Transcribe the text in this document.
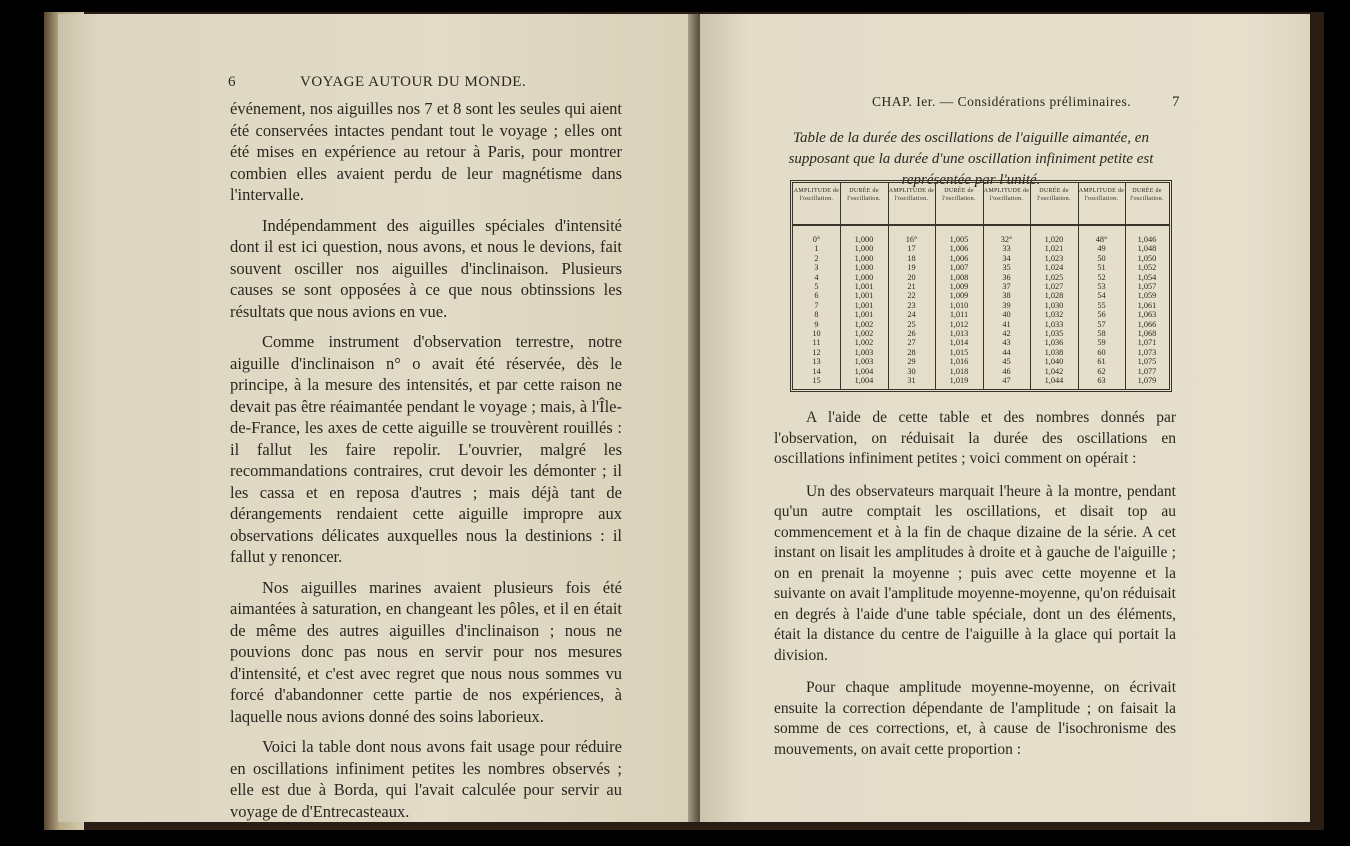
6	VOYAGE AUTOUR DU MONDE.

événement, nos aiguilles nos 7 et 8 sont les seules qui aient été conservées intactes pendant tout le voyage ; elles ont été mises en expérience au retour à Paris, pour montrer combien elles avaient perdu de leur magnétisme dans l'intervalle.

Indépendamment des aiguilles spéciales d'intensité dont il est ici question, nous avons, et nous le devions, fait souvent osciller nos aiguilles d'inclinaison. Plusieurs causes se sont opposées à ce que nous obtinssions les résultats que nous avions en vue.

Comme instrument d'observation terrestre, notre aiguille d'inclinaison n° o avait été réservée, dès le principe, à la mesure des intensités, et par cette raison ne devait pas être réaimantée pendant le voyage ; mais, à l'Île-de-France, les axes de cette aiguille se trouvèrent rouillés : il fallut les faire repolir. L'ouvrier, malgré les recommandations contraires, crut devoir les démonter ; il les cassa et en reposa d'autres ; mais déjà tant de dérangements rendaient cette aiguille impropre aux observations délicates auxquelles nous la destinions : il fallut y renoncer.

Nos aiguilles marines avaient plusieurs fois été aimantées à saturation, en changeant les pôles, et il en était de même des autres aiguilles d'inclinaison ; nous ne pouvions donc pas nous en servir pour nos mesures d'intensité, et c'est avec regret que nous nous sommes vu forcé d'abandonner cette partie de nos expériences, à laquelle nous avions donné des soins laborieux.

Voici la table dont nous avons fait usage pour réduire en oscillations infiniment petites les nombres observés ; elle est due à Borda, qui l'avait calculée pour servir au voyage de d'Entrecasteaux.

CHAP. Ier. — Considérations préliminaires.	7
Table de la durée des oscillations de l'aiguille aimantée, en supposant que la durée d'une oscillation infiniment petite est représentée par l'unité.
AMPLITUDE de l'oscillation.
0°
1
2
3
4
5
6
7
8
9
10
11
12
13
14
15
DURÉE de l'oscillation.
1,000
1,000
1,000
1,000
1,000
1,001
1,001
1,001
1,001
1,002
1,002
1,002
1,003
1,003
1,004
1,004
AMPLITUDE de l'oscillation.
16°
17
18
19
20
21
22
23
24
25
26
27
28
29
30
31
DURÉE de l'oscillation.
1,005
1,006
1,006
1,007
1,008
1,009
1,009
1,010
1,011
1,012
1,013
1,014
1,015
1,016
1,018
1,019
AMPLITUDE de l'oscillation.
32°
33
34
35
36
37
38
39
40
41
42
43
44
45
46
47
DURÉE de l'oscillation.
1,020
1,021
1,023
1,024
1,025
1,027
1,028
1,030
1,032
1,033
1,035
1,036
1,038
1,040
1,042
1,044
AMPLITUDE de l'oscillation.
48°
49
50
51
52
53
54
55
56
57
58
59
60
61
62
63
DURÉE de l'oscillation.
1,046
1,048
1,050
1,052
1,054
1,057
1,059
1,061
1,063
1,066
1,068
1,071
1,073
1,075
1,077
1,079

A l'aide de cette table et des nombres donnés par l'observation, on réduisait la durée des oscillations en oscillations infiniment petites ; voici comment on opérait :

Un des observateurs marquait l'heure à la montre, pendant qu'un autre comptait les oscillations, et disait top au commencement et à la fin de chaque dizaine de la série. A cet instant on lisait les amplitudes à droite et à gauche de l'aiguille ; on en prenait la moyenne ; puis avec cette moyenne et la suivante on avait l'amplitude moyenne-moyenne, qu'on réduisait en degrés à l'aide d'une table spéciale, dont un des éléments, était la distance du centre de l'aiguille à la glace qui portait la division.

Pour chaque amplitude moyenne-moyenne, on écrivait ensuite la correction dépendante de l'amplitude ; on faisait la somme de ces corrections, et, à cause de l'isochronisme des mouvements, on avait cette proportion :
